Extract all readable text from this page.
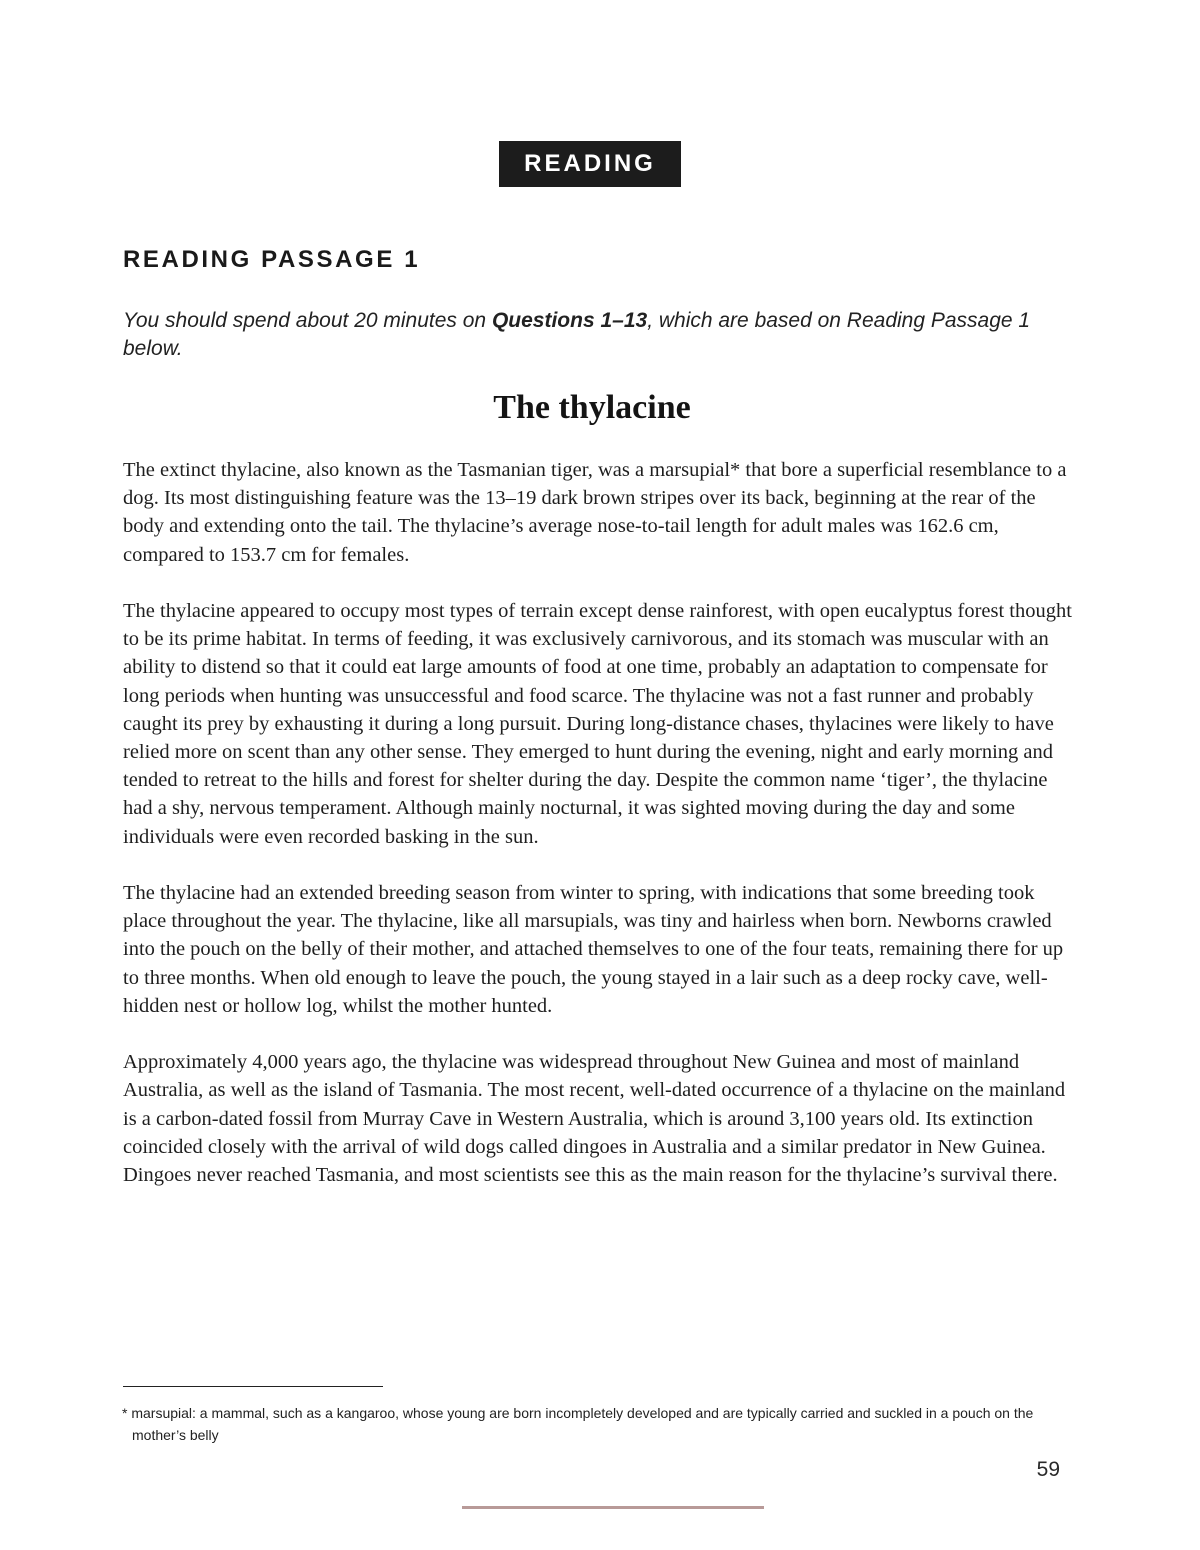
READING
READING PASSAGE 1

You should spend about 20 minutes on Questions 1–13, which are based on Reading Passage 1 below.

The thylacine

The extinct thylacine, also known as the Tasmanian tiger, was a marsupial* that bore a superficial resemblance to a dog. Its most distinguishing feature was the 13–19 dark brown stripes over its back, beginning at the rear of the body and extending onto the tail. The thylacine’s average nose-to-tail length for adult males was 162.6 cm, compared to 153.7 cm for females.

The thylacine appeared to occupy most types of terrain except dense rainforest, with open eucalyptus forest thought to be its prime habitat. In terms of feeding, it was exclusively carnivorous, and its stomach was muscular with an ability to distend so that it could eat large amounts of food at one time, probably an adaptation to compensate for long periods when hunting was unsuccessful and food scarce. The thylacine was not a fast runner and probably caught its prey by exhausting it during a long pursuit. During long-distance chases, thylacines were likely to have relied more on scent than any other sense. They emerged to hunt during the evening, night and early morning and tended to retreat to the hills and forest for shelter during the day. Despite the common name ‘tiger’, the thylacine had a shy, nervous temperament. Although mainly nocturnal, it was sighted moving during the day and some individuals were even recorded basking in the sun.

The thylacine had an extended breeding season from winter to spring, with indications that some breeding took place throughout the year. The thylacine, like all marsupials, was tiny and hairless when born. Newborns crawled into the pouch on the belly of their mother, and attached themselves to one of the four teats, remaining there for up to three months. When old enough to leave the pouch, the young stayed in a lair such as a deep rocky cave, well-hidden nest or hollow log, whilst the mother hunted.

Approximately 4,000 years ago, the thylacine was widespread throughout New Guinea and most of mainland Australia, as well as the island of Tasmania. The most recent, well-dated occurrence of a thylacine on the mainland is a carbon-dated fossil from Murray Cave in Western Australia, which is around 3,100 years old. Its extinction coincided closely with the arrival of wild dogs called dingoes in Australia and a similar predator in New Guinea. Dingoes never reached Tasmania, and most scientists see this as the main reason for the thylacine’s survival there.

* marsupial: a mammal, such as a kangaroo, whose young are born incompletely developed and are typically carried and suckled in a pouch on the mother’s belly

59
